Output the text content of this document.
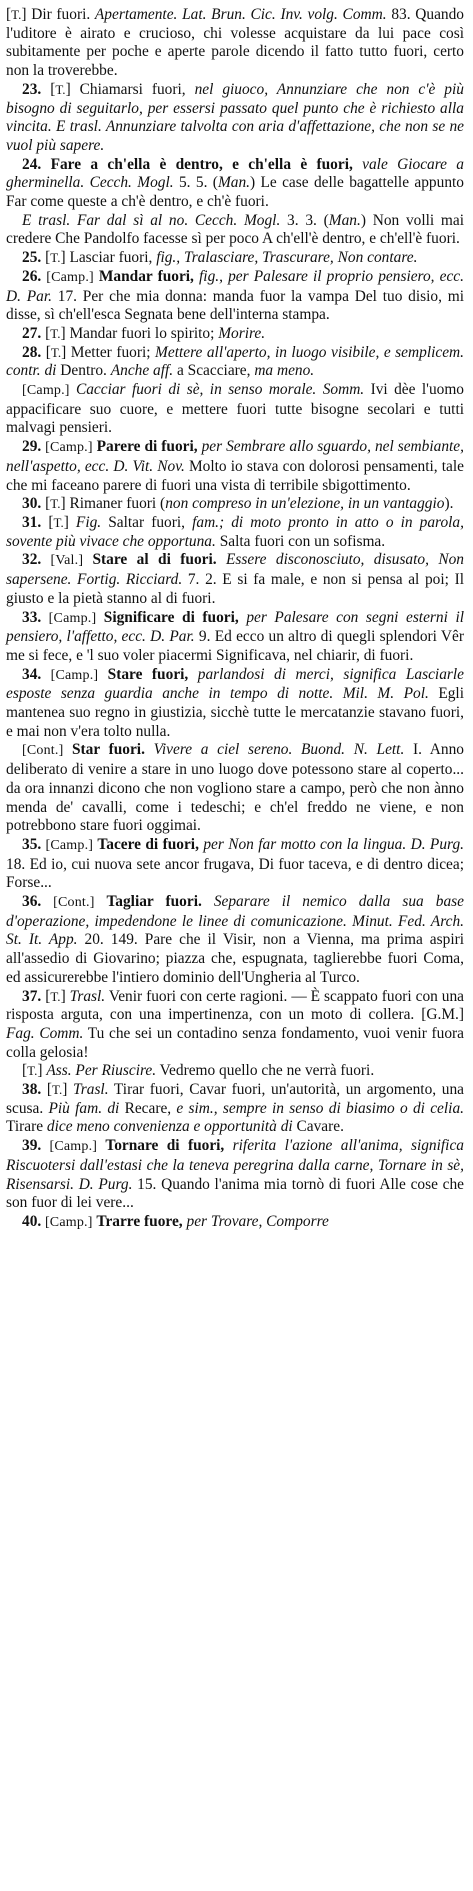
[T.] Dir fuori. Apertamente. Lat. Brun. Cic. Inv. volg. Comm. 83. Quando l'uditore è airato e crucioso, chi volesse acquistare da lui pace così subitamente per poche e aperte parole dicendo il fatto tutto fuori, certo non la troverebbe.

23. [T.] Chiamarsi fuori, nel giuoco, Annunziare che non c'è più bisogno di seguitarlo, per essersi passato quel punto che è richiesto alla vincita. E trasl. Annunziare talvolta con aria d'affettazione, che non se ne vuol più sapere.

24. Fare a ch'ella è dentro, e ch'ella è fuori, vale Giocare a gherminella. Cecch. Mogl. 5. 5. (Man.) Le case delle bagattelle appunto Far come queste a ch'è dentro, e ch'è fuori.

E trasl. Far dal sì al no. Cecch. Mogl. 3. 3. (Man.) Non volli mai credere Che Pandolfo facesse sì per poco A ch'ell'è dentro, e ch'ell'è fuori.

25. [T.] Lasciar fuori, fig., Tralasciare, Trascurare, Non contare.

26. [Camp.] Mandar fuori, fig., per Palesare il proprio pensiero, ecc. D. Par. 17. Per che mia donna: manda fuor la vampa Del tuo disio, mi disse, sì ch'ell'esca Segnata bene dell'interna stampa.

27. [T.] Mandar fuori lo spirito; Morire.

28. [T.] Metter fuori; Mettere all'aperto, in luogo visibile, e semplicem. contr. di Dentro. Anche aff. a Scacciare, ma meno.

[Camp.] Cacciar fuori di sè, in senso morale. Somm. Ivi dèe l'uomo appacificare suo cuore, e mettere fuori tutte bisogne secolari e tutti malvagi pensieri.

29. [Camp.] Parere di fuori, per Sembrare allo sguardo, nel sembiante, nell'aspetto, ecc. D. Vit. Nov. Molto io stava con dolorosi pensamenti, tale che mi faceano parere di fuori una vista di terribile sbigottimento.

30. [T.] Rimaner fuori (non compreso in un'elezione, in un vantaggio).

31. [T.] Fig. Saltar fuori, fam.; di moto pronto in atto o in parola, sovente più vivace che opportuna. Salta fuori con un sofisma.

32. [Val.] Stare al di fuori. Essere disconosciuto, disusato, Non sapersene. Fortig. Ricciard. 7. 2. E si fa male, e non si pensa al poi; Il giusto e la pietà stanno al di fuori.

33. [Camp.] Significare di fuori, per Palesare con segni esterni il pensiero, l'affetto, ecc. D. Par. 9. Ed ecco un altro di quegli splendori Vêr me si fece, e 'l suo voler piacermi Significava, nel chiarir, di fuori.

34. [Camp.] Stare fuori, parlandosi di merci, significa Lasciarle esposte senza guardia anche in tempo di notte. Mil. M. Pol. Egli mantenea suo regno in giustizia, sicchè tutte le mercatanzie stavano fuori, e mai non v'era tolto nulla.

[Cont.] Star fuori. Vivere a ciel sereno. Buond. N. Lett. I. Anno deliberato di venire a stare in uno luogo dove potessono stare al coperto... da ora innanzi dicono che non vogliono stare a campo, però che non ànno menda de' cavalli, come i tedeschi; e ch'el freddo ne viene, e non potrebbono stare fuori oggimai.

35. [Camp.] Tacere di fuori, per Non far motto con la lingua. D. Purg. 18. Ed io, cui nuova sete ancor frugava, Di fuor taceva, e di dentro dicea; Forse...

36. [Cont.] Tagliar fuori. Separare il nemico dalla sua base d'operazione, impedendone le linee di comunicazione. Minut. Fed. Arch. St. It. App. 20. 149. Pare che il Visir, non a Vienna, ma prima aspiri all'assedio di Giovarino; piazza che, espugnata, taglierebbe fuori Coma, ed assicurerebbe l'intiero dominio dell'Ungheria al Turco.

37. [T.] Trasl. Venir fuori con certe ragioni. — È scappato fuori con una risposta arguta, con una impertinenza, con un moto di collera. [G.M.] Fag. Comm. Tu che sei un contadino senza fondamento, vuoi venir fuora colla gelosia!

[T.] Ass. Per Riuscire. Vedremo quello che ne verrà fuori.

38. [T.] Trasl. Tirar fuori, Cavar fuori, un'autorità, un argomento, una scusa. Più fam. di Recare, e sim., sempre in senso di biasimo o di celia. Tirare dice meno convenienza e opportunità di Cavare.

39. [Camp.] Tornare di fuori, riferita l'azione all'anima, significa Riscuotersi dall'estasi che la teneva peregrina dalla carne, Tornare in sè, Risensarsi. D. Purg. 15. Quando l'anima mia tornò di fuori Alle cose che son fuor di lei vere...

40. [Camp.] Trarre fuore, per Trovare, Comporre
